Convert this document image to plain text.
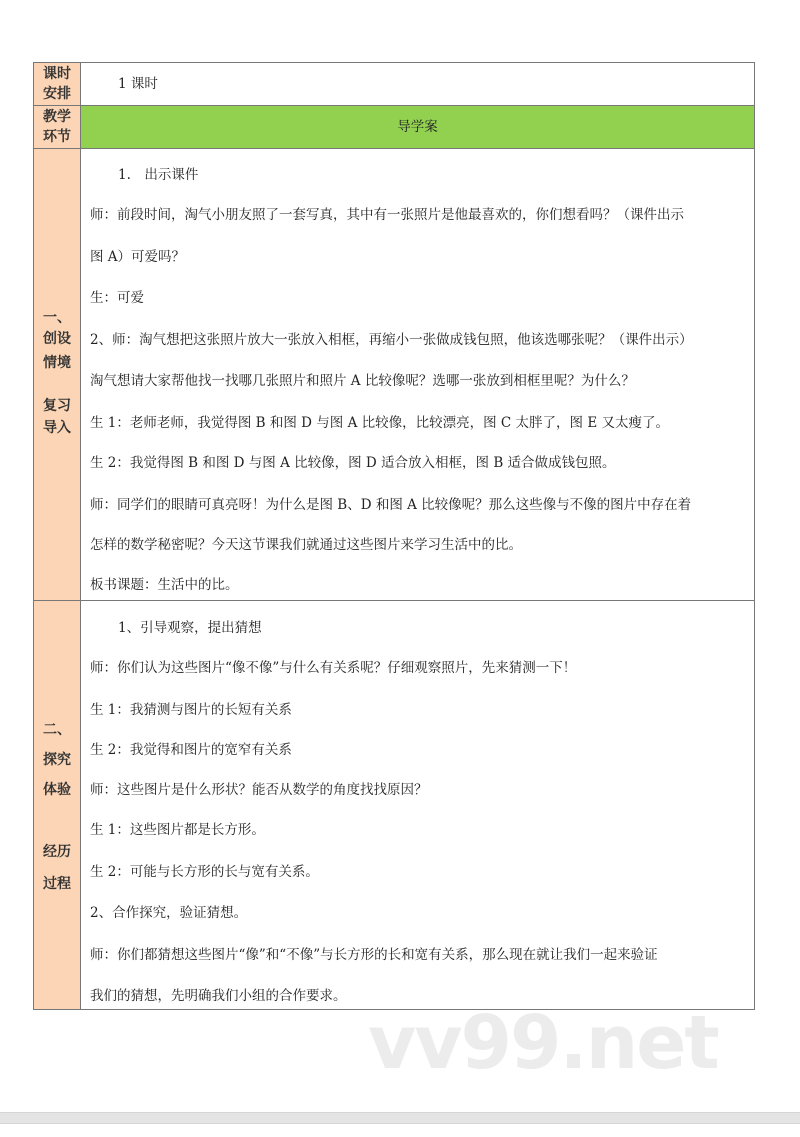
课时
安排
1 课时
教学
环节
导学案
1.　出示课件
师：前段时间，淘气小朋友照了一套写真，其中有一张照片是他最喜欢的，你们想看吗？（课件出示
图 A）可爱吗？
生：可爱
2、师：淘气想把这张照片放大一张放入相框，再缩小一张做成钱包照，他该选哪张呢？（课件出示）
淘气想请大家帮他找一找哪几张照片和照片 A 比较像呢？选哪一张放到相框里呢？为什么？
生 1：老师老师，我觉得图 B 和图 D 与图 A 比较像，比较漂亮，图 C 太胖了，图 E 又太瘦了。
生 2：我觉得图 B 和图 D 与图 A 比较像，图 D 适合放入相框，图 B 适合做成钱包照。
师：同学们的眼睛可真亮呀！为什么是图 B、D 和图 A 比较像呢？那么这些像与不像的图片中存在着
怎样的数学秘密呢？今天这节课我们就通过这些图片来学习生活中的比。
板书课题：生活中的比。
一、
创设
情境
复习
导入
1、引导观察，提出猜想
师：你们认为这些图片“像不像”与什么有关系呢？仔细观察照片，先来猜测一下！
生 1：我猜测与图片的长短有关系
生 2：我觉得和图片的宽窄有关系
师：这些图片是什么形状？能否从数学的角度找找原因？
生 1：这些图片都是长方形。
生 2：可能与长方形的长与宽有关系。
2、合作探究，验证猜想。
师：你们都猜想这些图片“像”和“不像”与长方形的长和宽有关系，那么现在就让我们一起来验证
我们的猜想，先明确我们小组的合作要求。
二、
探究
体验
经历
过程
vv99.net
